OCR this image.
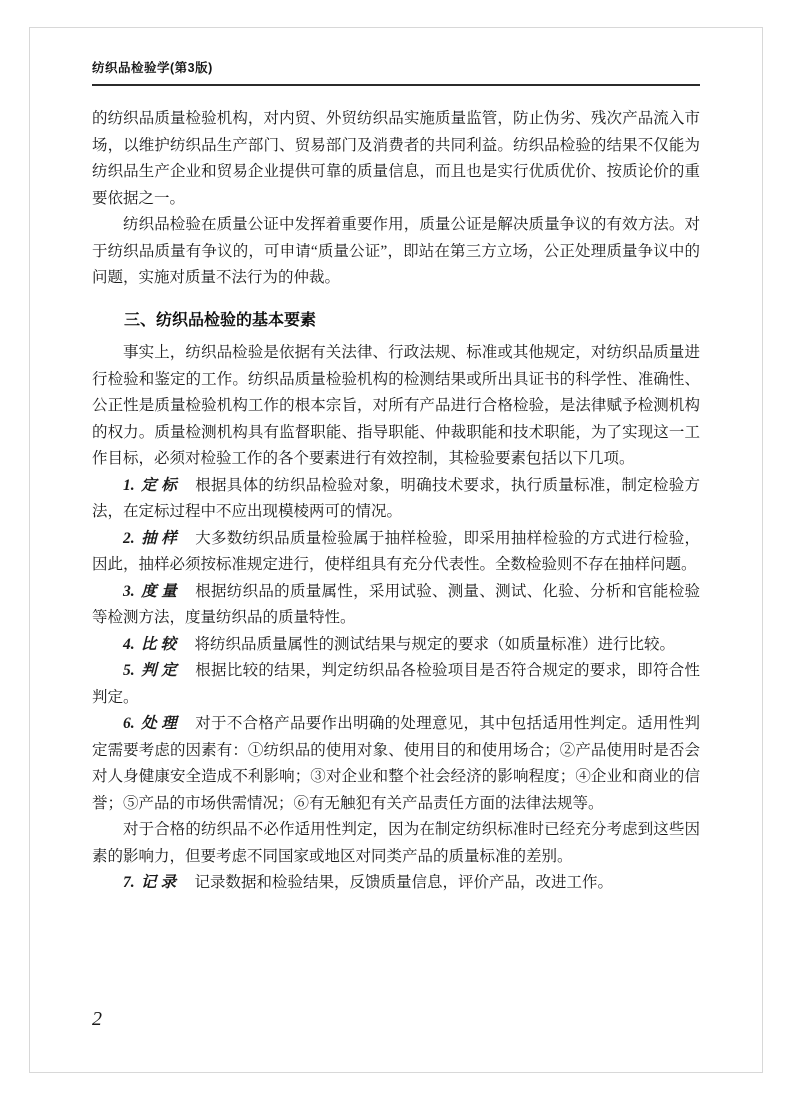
纺织品检验学(第3版)

的纺织品质量检验机构，对内贸、外贸纺织品实施质量监管，防止伪劣、残次产品流入市场，以维护纺织品生产部门、贸易部门及消费者的共同利益。纺织品检验的结果不仅能为纺织品生产企业和贸易企业提供可靠的质量信息，而且也是实行优质优价、按质论价的重要依据之一。

纺织品检验在质量公证中发挥着重要作用，质量公证是解决质量争议的有效方法。对于纺织品质量有争议的，可申请“质量公证”，即站在第三方立场，公正处理质量争议中的问题，实施对质量不法行为的仲裁。

三、纺织品检验的基本要素

事实上，纺织品检验是依据有关法律、行政法规、标准或其他规定，对纺织品质量进行检验和鉴定的工作。纺织品质量检验机构的检测结果或所出具证书的科学性、准确性、公正性是质量检验机构工作的根本宗旨，对所有产品进行合格检验，是法律赋予检测机构的权力。质量检测机构具有监督职能、指导职能、仲裁职能和技术职能，为了实现这一工作目标，必须对检验工作的各个要素进行有效控制，其检验要素包括以下几项。

1. 定标 根据具体的纺织品检验对象，明确技术要求，执行质量标准，制定检验方法，在定标过程中不应出现模棱两可的情况。

2. 抽样 大多数纺织品质量检验属于抽样检验，即采用抽样检验的方式进行检验，因此，抽样必须按标准规定进行，使样组具有充分代表性。全数检验则不存在抽样问题。

3. 度量 根据纺织品的质量属性，采用试验、测量、测试、化验、分析和官能检验等检测方法，度量纺织品的质量特性。

4. 比较 将纺织品质量属性的测试结果与规定的要求（如质量标准）进行比较。

5. 判定 根据比较的结果，判定纺织品各检验项目是否符合规定的要求，即符合性判定。

6. 处理 对于不合格产品要作出明确的处理意见，其中包括适用性判定。适用性判定需要考虑的因素有：①纺织品的使用对象、使用目的和使用场合；②产品使用时是否会对人身健康安全造成不利影响；③对企业和整个社会经济的影响程度；④企业和商业的信誉；⑤产品的市场供需情况；⑥有无触犯有关产品责任方面的法律法规等。

对于合格的纺织品不必作适用性判定，因为在制定纺织标准时已经充分考虑到这些因素的影响力，但要考虑不同国家或地区对同类产品的质量标准的差别。

7. 记录 记录数据和检验结果，反馈质量信息，评价产品，改进工作。

2
